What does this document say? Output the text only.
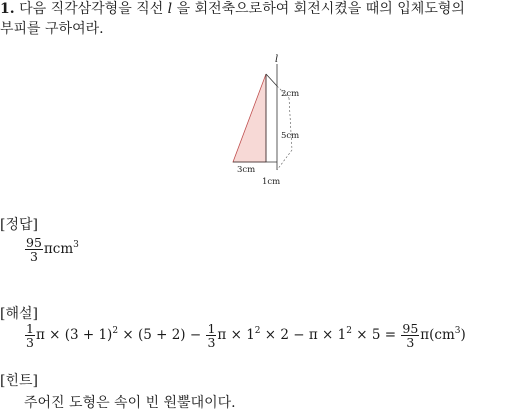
1. 다음 직각삼각형을 직선 l 을 회전축으로하여 회전시켰을 때의 입체도형의
부피를 구하여라.
l
2cm
5cm
3cm
1cm
[정답]
$\frac{95}{3} \pi cm^3$
[해설]
$\frac{1}{3}$ $\pi \times (3 + 1)^2 \times (5 + 2) - \frac{1}{3}$ $\pi \times 1^2 \times 2 - \pi \times 1^2 \times 5 = \frac{95}{3} \pi(cm^3)$
[힌트]
주어진 도형은 속이 빈 원뿔대이다.
